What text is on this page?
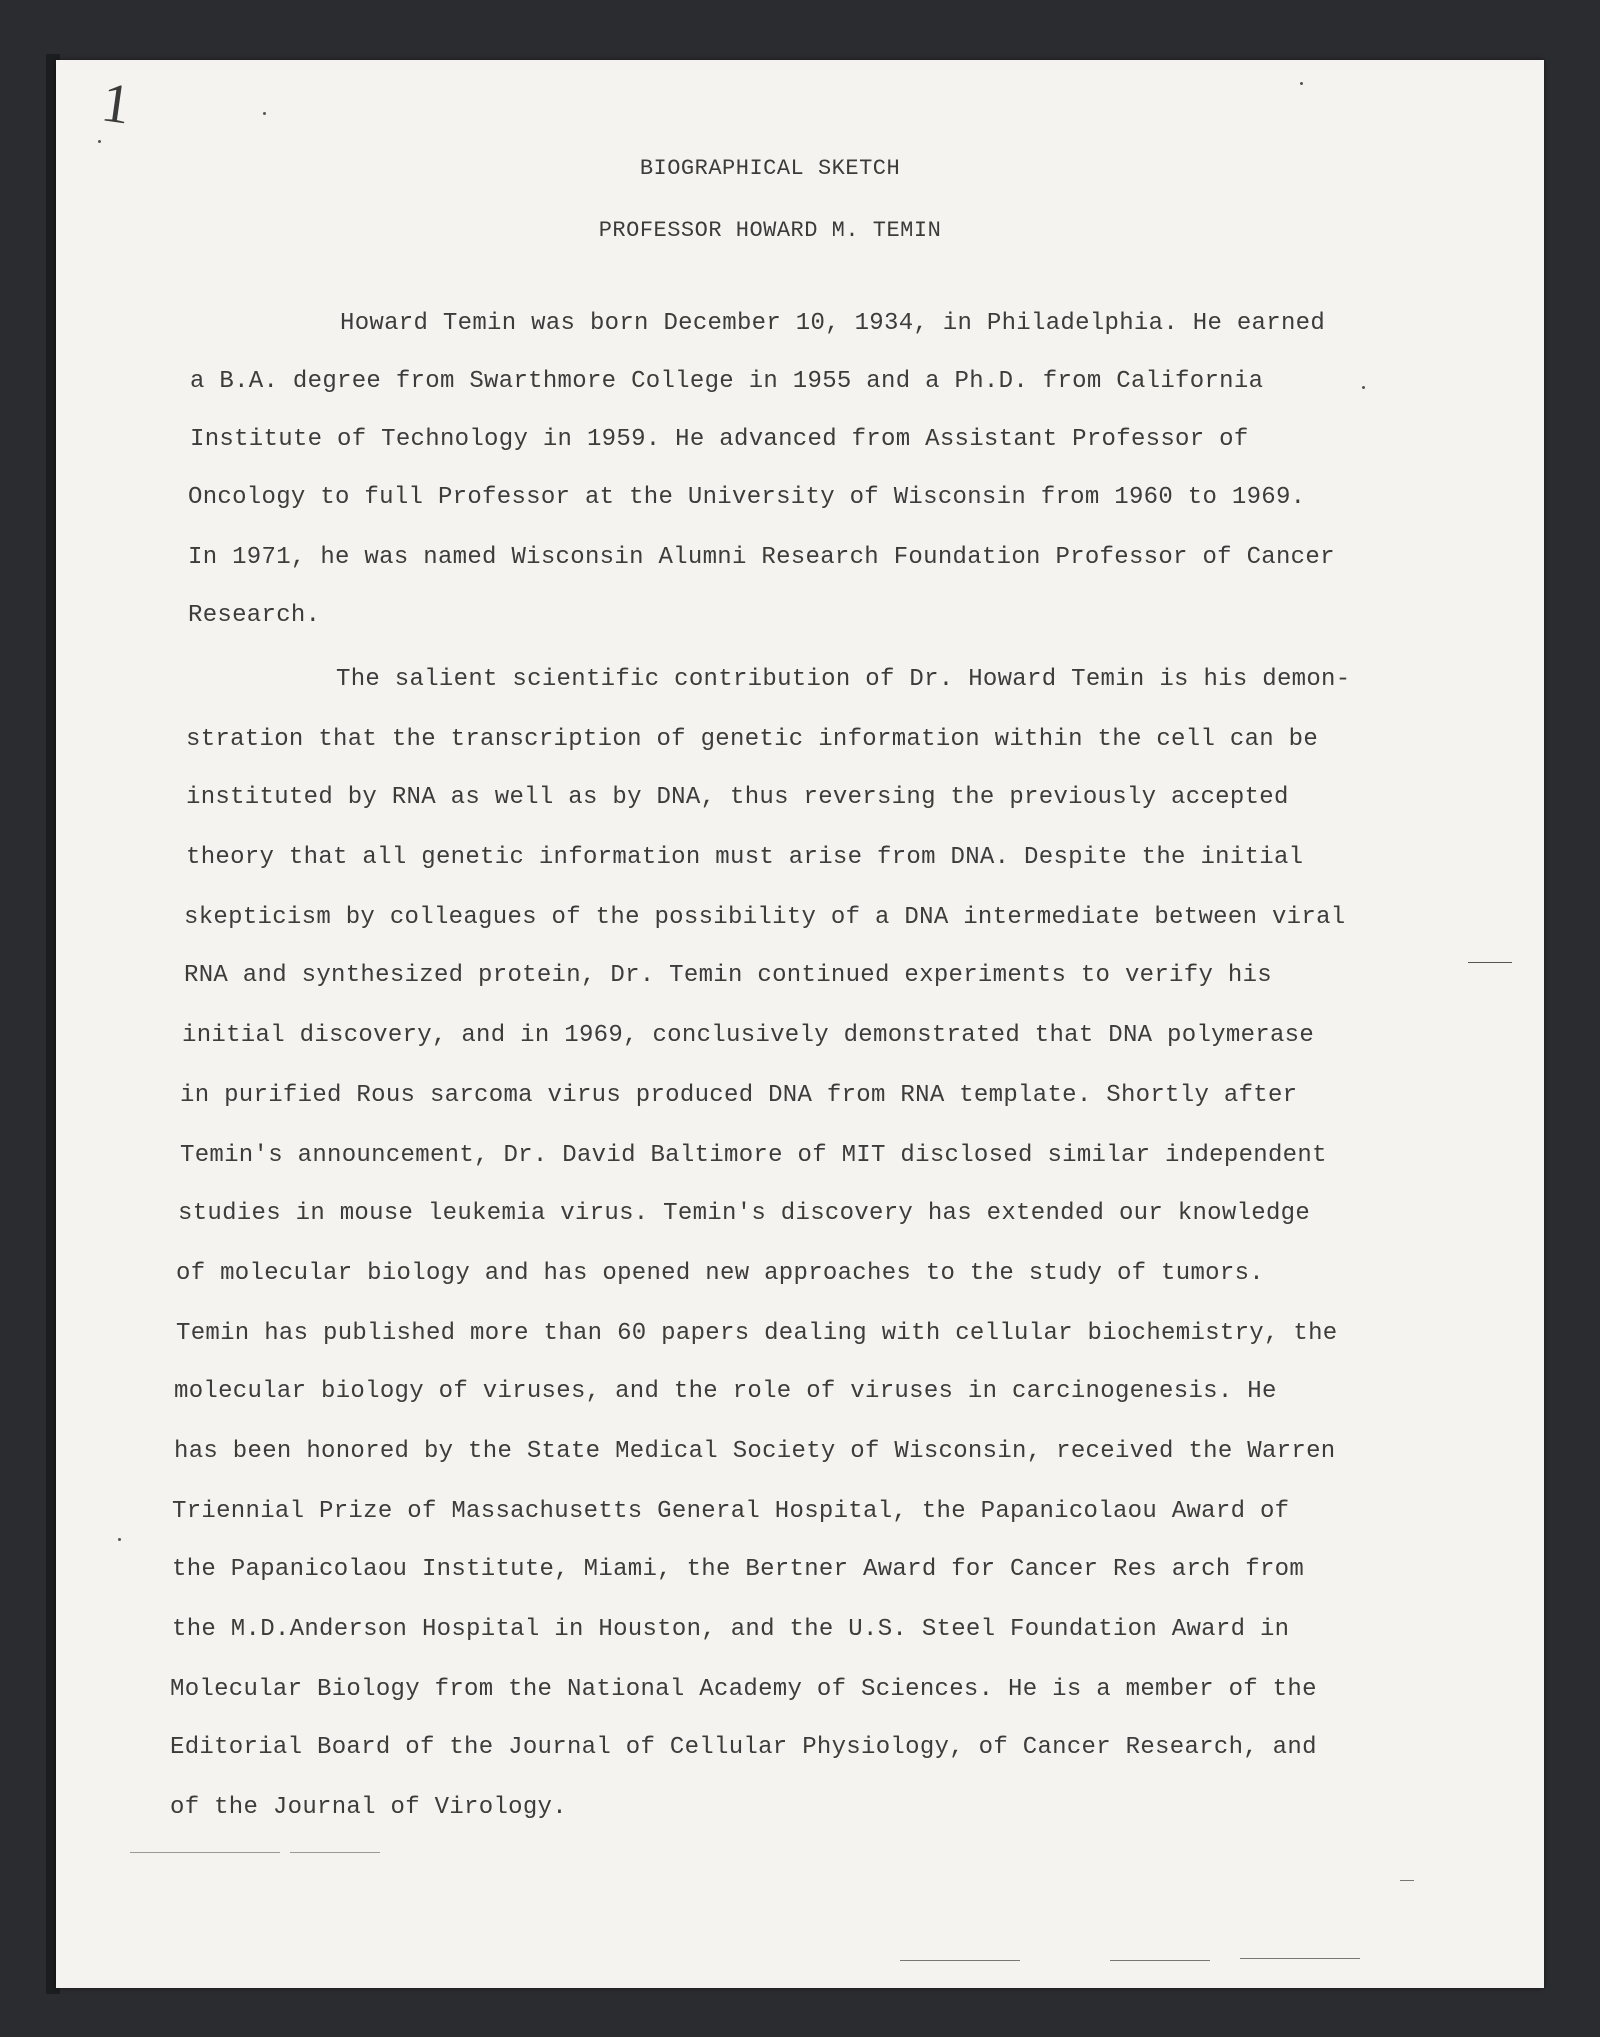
1
BIOGRAPHICAL SKETCH
PROFESSOR HOWARD M. TEMIN
Howard Temin was born December 10, 1934, in Philadelphia. He earned
a B.A. degree from Swarthmore College in 1955 and a Ph.D. from California
Institute of Technology in 1959. He advanced from Assistant Professor of
Oncology to full Professor at the University of Wisconsin from 1960 to 1969.
In 1971, he was named Wisconsin Alumni Research Foundation Professor of Cancer
Research.
The salient scientific contribution of Dr. Howard Temin is his demon-
stration that the transcription of genetic information within the cell can be
instituted by RNA as well as by DNA, thus reversing the previously accepted
theory that all genetic information must arise from DNA. Despite the initial
skepticism by colleagues of the possibility of a DNA intermediate between viral
RNA and synthesized protein, Dr. Temin continued experiments to verify his
initial discovery, and in 1969, conclusively demonstrated that DNA polymerase
in purified Rous sarcoma virus produced DNA from RNA template. Shortly after
Temin's announcement, Dr. David Baltimore of MIT disclosed similar independent
studies in mouse leukemia virus. Temin's discovery has extended our knowledge
of molecular biology and has opened new approaches to the study of tumors.
Temin has published more than 60 papers dealing with cellular biochemistry, the
molecular biology of viruses, and the role of viruses in carcinogenesis. He
has been honored by the State Medical Society of Wisconsin, received the Warren
Triennial Prize of Massachusetts General Hospital, the Papanicolaou Award of
the Papanicolaou Institute, Miami, the Bertner Award for Cancer Res arch from
the M.D.Anderson Hospital in Houston, and the U.S. Steel Foundation Award in
Molecular Biology from the National Academy of Sciences. He is a member of the
Editorial Board of the Journal of Cellular Physiology, of Cancer Research, and
of the Journal of Virology.
